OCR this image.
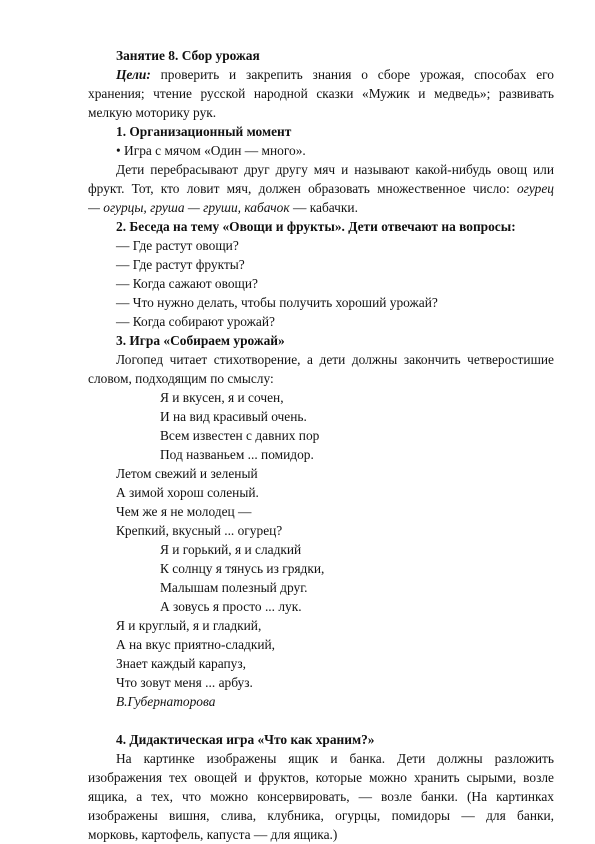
Занятие 8. Сбор урожая
Цели: проверить и закрепить знания о сборе урожая, способах его
хранения; чтение русской народной сказки «Мужик и медведь»; развивать
мелкую моторику рук.
1. Организационный момент
• Игра с мячом «Один — много».
Дети перебрасывают друг другу мяч и называют какой-нибудь овощ или
фрукт. Тот, кто ловит мяч, должен образовать множественное число: огурец
— огурцы, груша — груши, кабачок — кабачки.
2. Беседа на тему «Овощи и фрукты». Дети отвечают на вопросы:
— Где растут овощи?
— Где растут фрукты?
— Когда сажают овощи?
— Что нужно делать, чтобы получить хороший урожай?
— Когда собирают урожай?
3. Игра «Собираем урожай»
Логопед читает стихотворение, а дети должны закончить четверостишие
словом, подходящим по смыслу:
Я и вкусен, я и сочен,
И на вид красивый очень.
Всем известен с давних пор
Под названьем ... помидор.
Летом свежий и зеленый
А зимой хорош соленый.
Чем же я не молодец —
Крепкий, вкусный ... огурец?
Я и горький, я и сладкий
К солнцу я тянусь из грядки,
Малышам полезный друг.
А зовусь я просто ... лук.
Я и круглый, я и гладкий,
А на вкус приятно-сладкий,
Знает каждый карапуз,
Что зовут меня ... арбуз.
В.Губернаторова
4. Дидактическая игра «Что как храним?»
На картинке изображены ящик и банка. Дети должны разложить
изображения тех овощей и фруктов, которые можно хранить сырыми, возле
ящика, а тех, что можно консервировать, — возле банки. (На картинках
изображены вишня, слива, клубника, огурцы, помидоры — для банки,
морковь, картофель, капуста — для ящика.)
